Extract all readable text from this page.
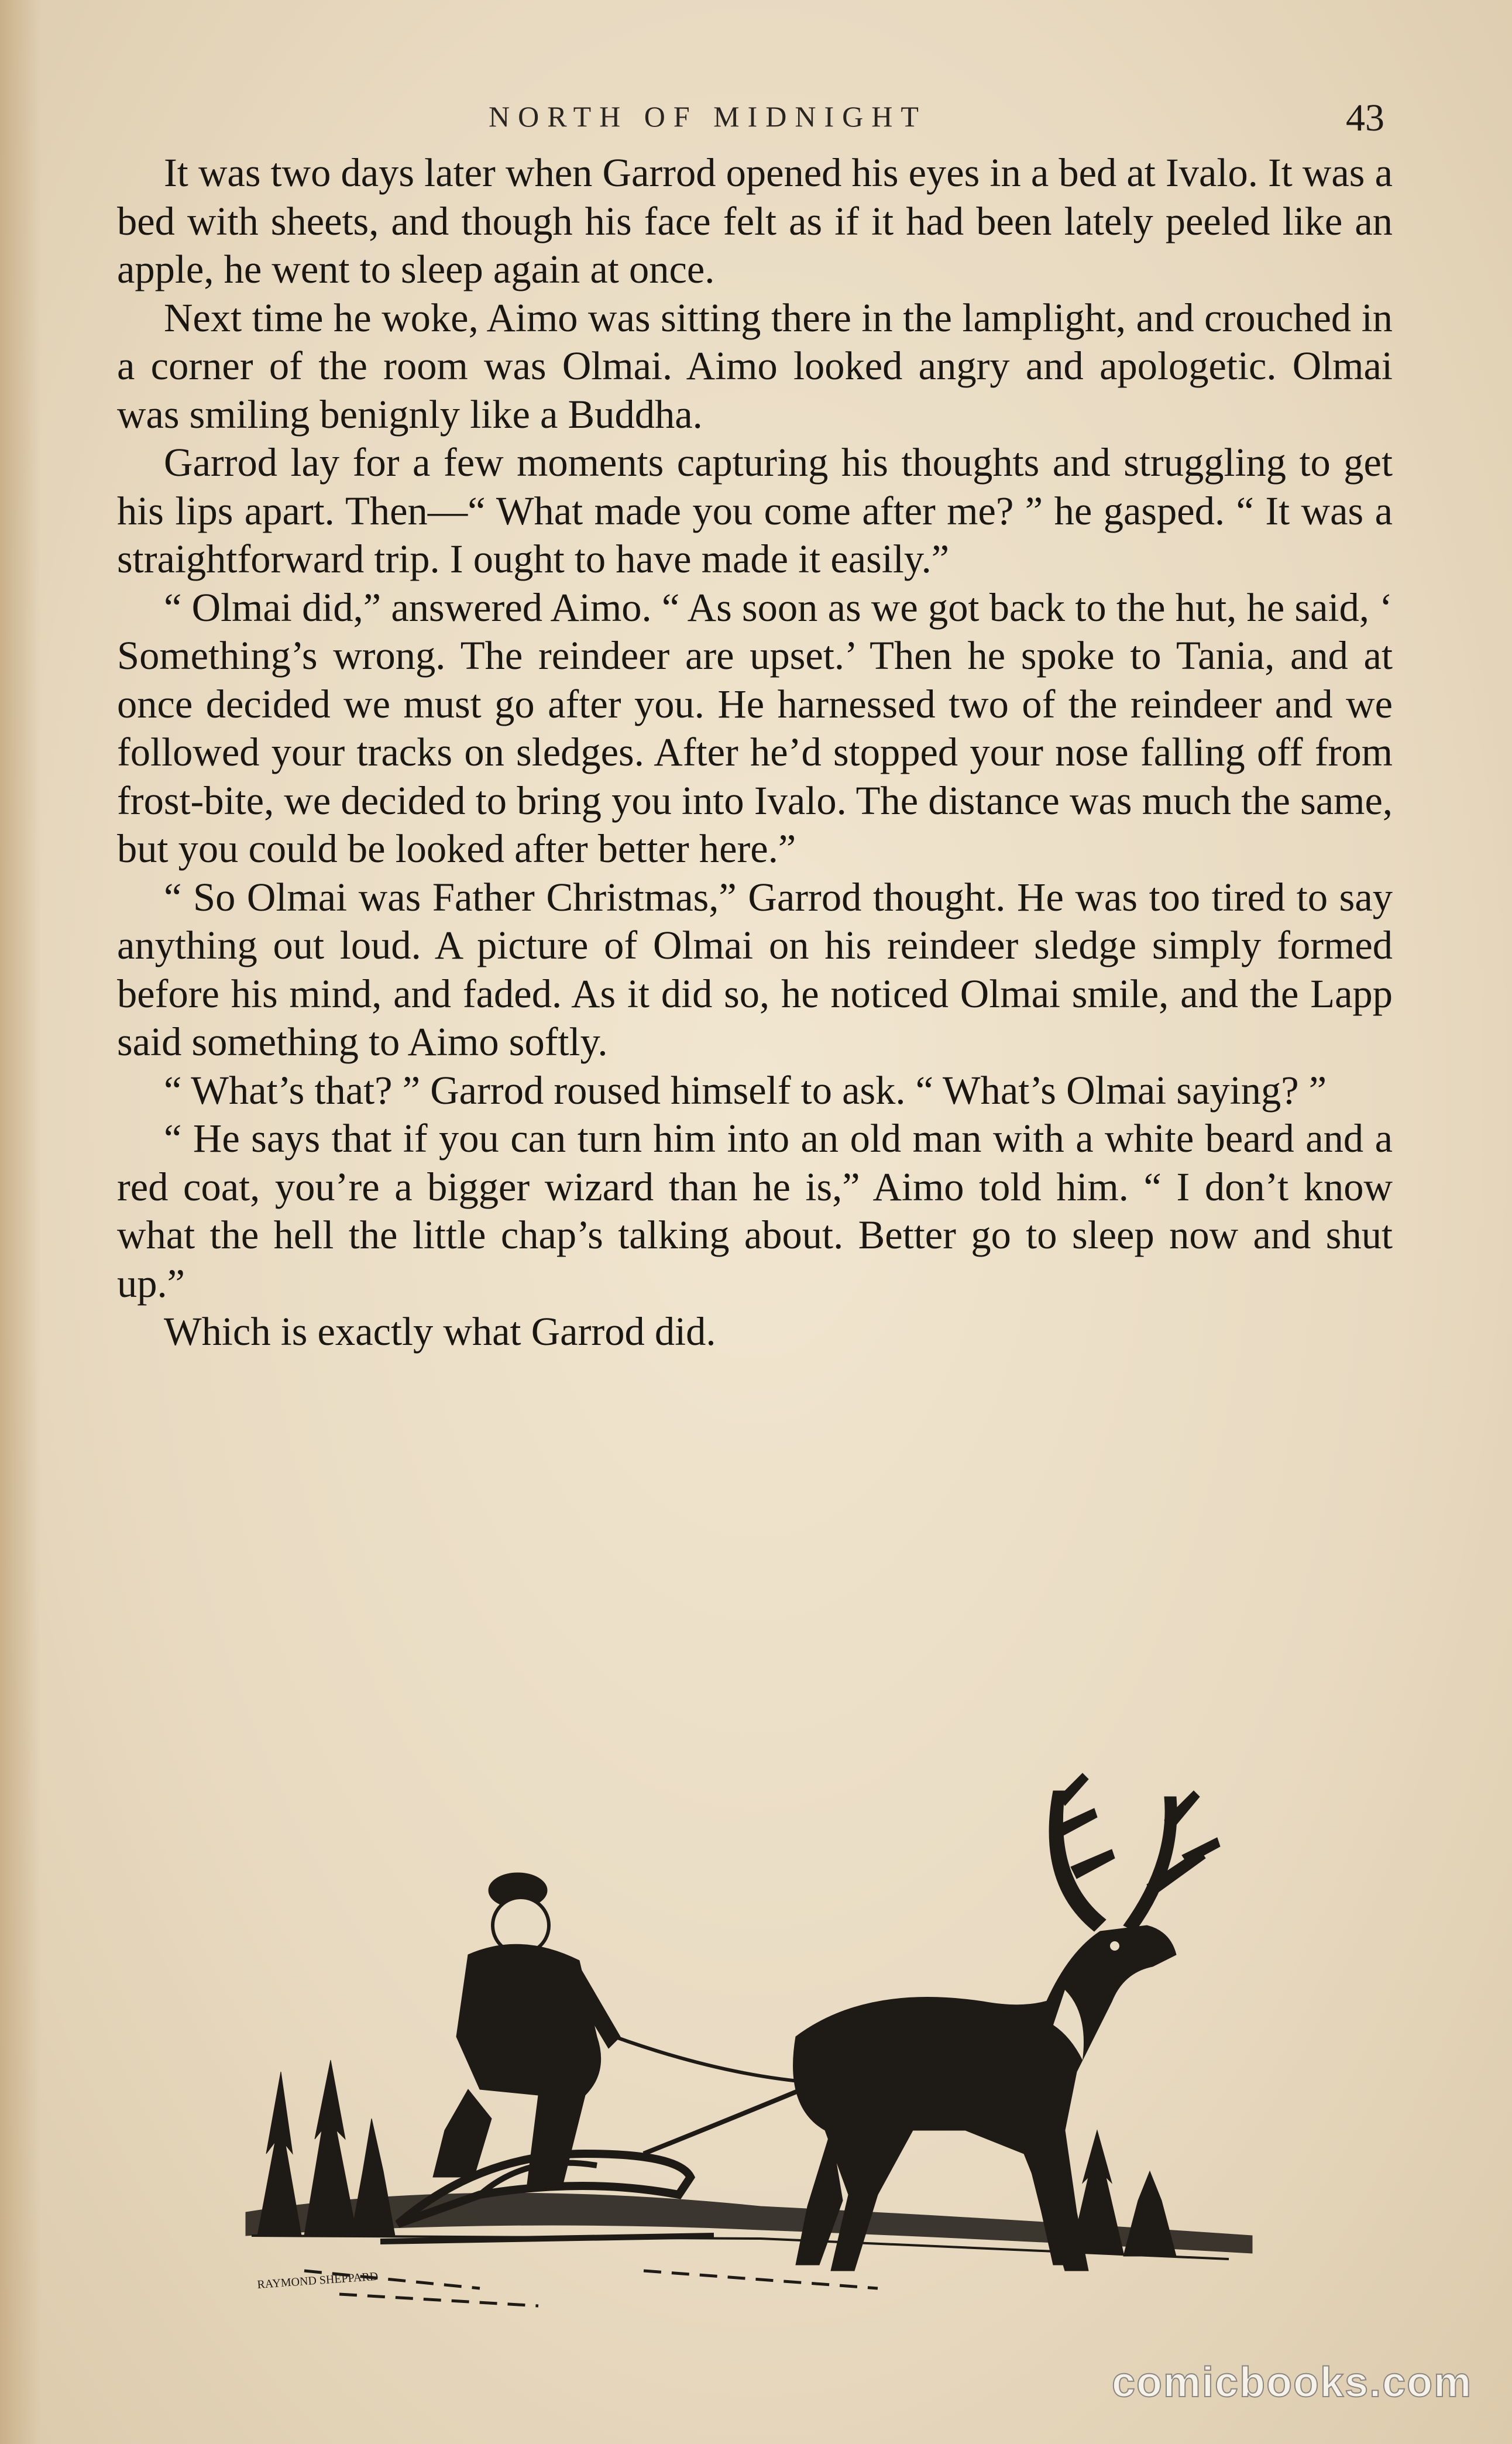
NORTH OF MIDNIGHT	43

It was two days later when Garrod opened his eyes in a bed at Ivalo. It was a bed with sheets, and though his face felt as if it had been lately peeled like an apple, he went to sleep again at once.

Next time he woke, Aimo was sitting there in the lamplight, and crouched in a corner of the room was Olmai. Aimo looked angry and apologetic. Olmai was smiling benignly like a Buddha.

Garrod lay for a few moments capturing his thoughts and struggling to get his lips apart. Then—“ What made you come after me? ” he gasped. “ It was a straightforward trip. I ought to have made it easily.”

“ Olmai did,” answered Aimo. “ As soon as we got back to the hut, he said, ‘ Something’s wrong. The reindeer are upset.’ Then he spoke to Tania, and at once decided we must go after you. He harnessed two of the reindeer and we followed your tracks on sledges. After he’d stopped your nose falling off from frost-bite, we decided to bring you into Ivalo. The distance was much the same, but you could be looked after better here.”

“ So Olmai was Father Christmas,” Garrod thought. He was too tired to say anything out loud. A picture of Olmai on his reindeer sledge simply formed before his mind, and faded. As it did so, he noticed Olmai smile, and the Lapp said something to Aimo softly.

“ What’s that? ” Garrod roused himself to ask. “ What’s Olmai saying? ”

“ He says that if you can turn him into an old man with a white beard and a red coat, you’re a bigger wizard than he is,” Aimo told him. “ I don’t know what the hell the little chap’s talking about. Better go to sleep now and shut up.”

Which is exactly what Garrod did.

RAYMOND SHEPPARD
comicbooks.com
